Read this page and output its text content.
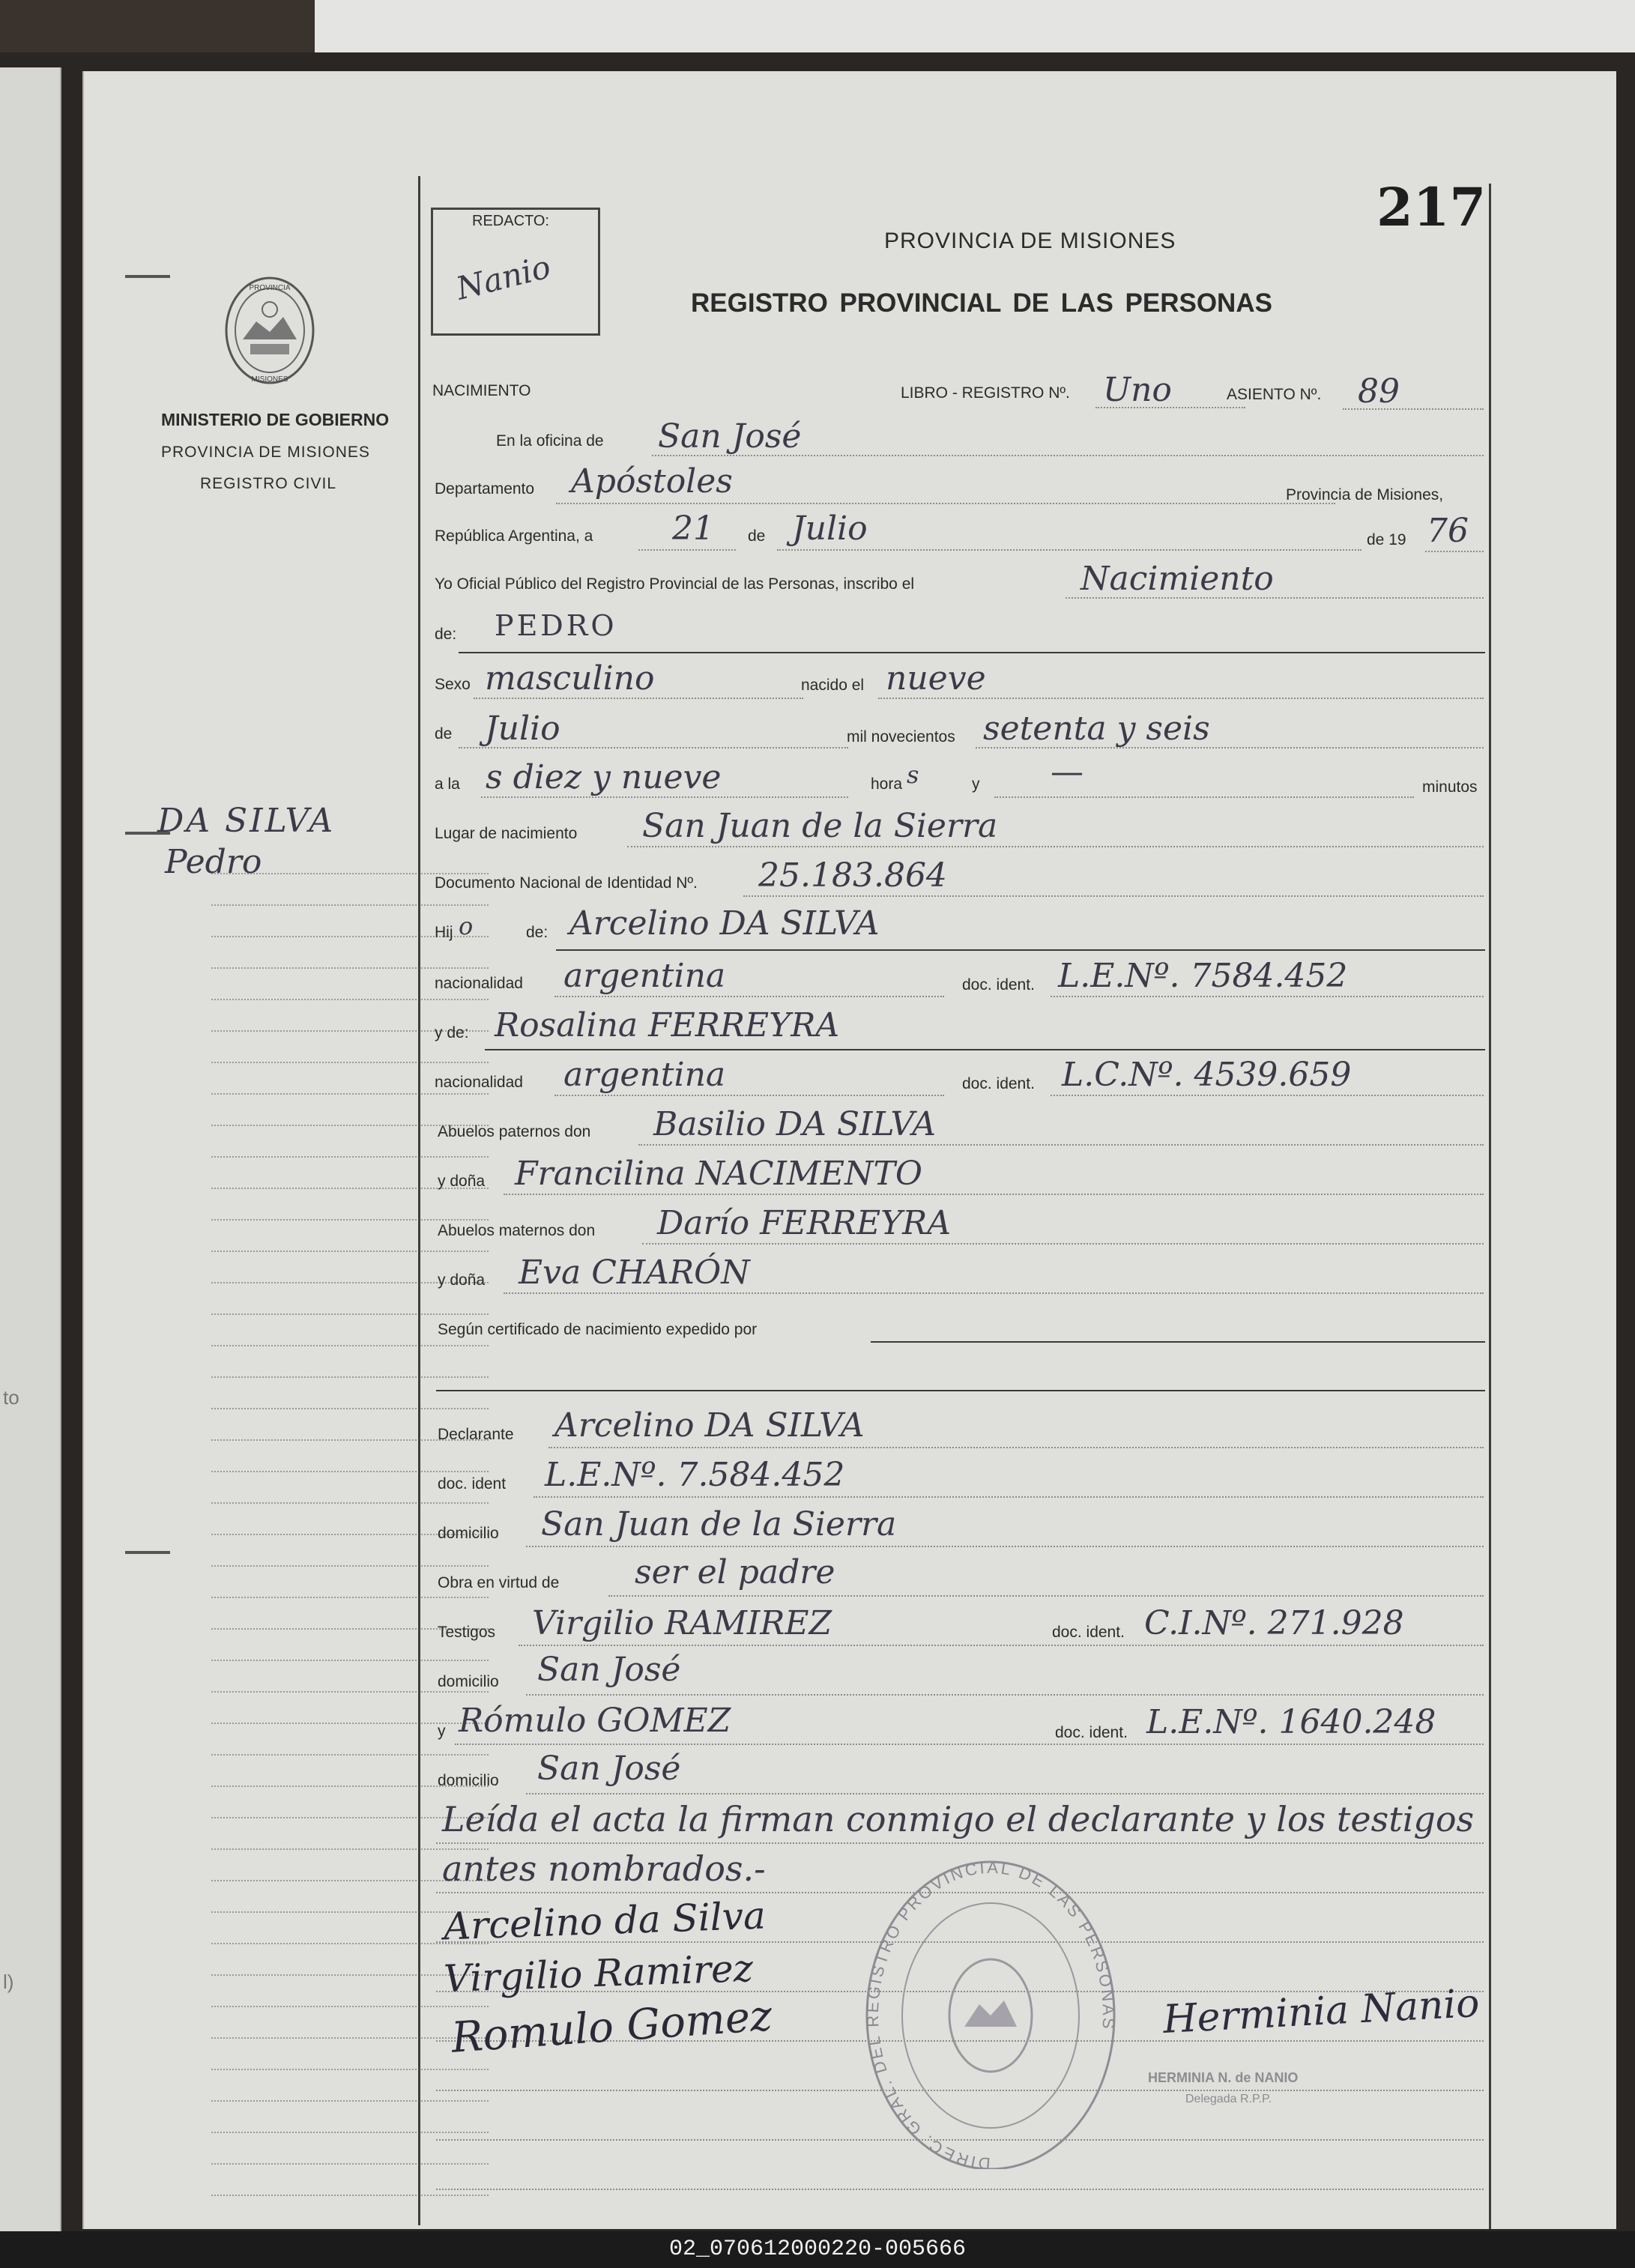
to
l)
PROVINCIA
MISIONES
MINISTERIO DE GOBIERNO
PROVINCIA DE MISIONES
REGISTRO CIVIL
DA SILVA
Pedro
217
REDACTO:
Nanio
PROVINCIA DE MISIONES
REGISTRO PROVINCIAL DE LAS PERSONAS
NACIMIENTO	LIBRO - REGISTRO Nº. Uno	ASIENTO Nº. 89
En la oficina de San José
Departamento Apóstoles	Provincia de Misiones,
República Argentina, a 21 de Julio	de 19 76
Yo Oficial Público del Registro Provincial de las Personas, inscribo el	Nacimiento
de: PEDRO
Sexo masculino	nacido el nueve
de Julio	mil novecientos setenta y seis
a la s diez y nueve	hora s	y —	minutos
Lugar de nacimiento San Juan de la Sierra
Documento Nacional de Identidad Nº. 25.183.864
Hij o	de: Arcelino DA SILVA
nacionalidad argentina	doc. ident. L.E.Nº. 7584.452
y de: Rosalina FERREYRA
nacionalidad argentina	doc. ident. L.C.Nº. 4539.659
Abuelos paternos don Basilio DA SILVA
y doña Francilina NACIMENTO
Abuelos maternos don Darío FERREYRA
y doña Eva CHARÓN
Según certificado de nacimiento expedido por
Declarante Arcelino DA SILVA
doc. ident L.E.Nº. 7.584.452
domicilio San Juan de la Sierra
Obra en virtud de ser el padre
Testigos Virgilio RAMIREZ	doc. ident. C.I.Nº. 271.928
domicilio San José
y Rómulo GOMEZ	doc. ident. L.E.Nº. 1640.248
domicilio San José
Leída el acta la firman conmigo el declarante y los testigos
antes nombrados.-
Arcelino da Silva
Virgilio Ramirez
Romulo Gomez
DIREC. GRAL. DEL REGISTRO PROVINCIAL DE LAS PERSONAS Herminia Nanio
HERMINIA N. de NANIO
Delegada R.P.P.
02_070612000220-005666
